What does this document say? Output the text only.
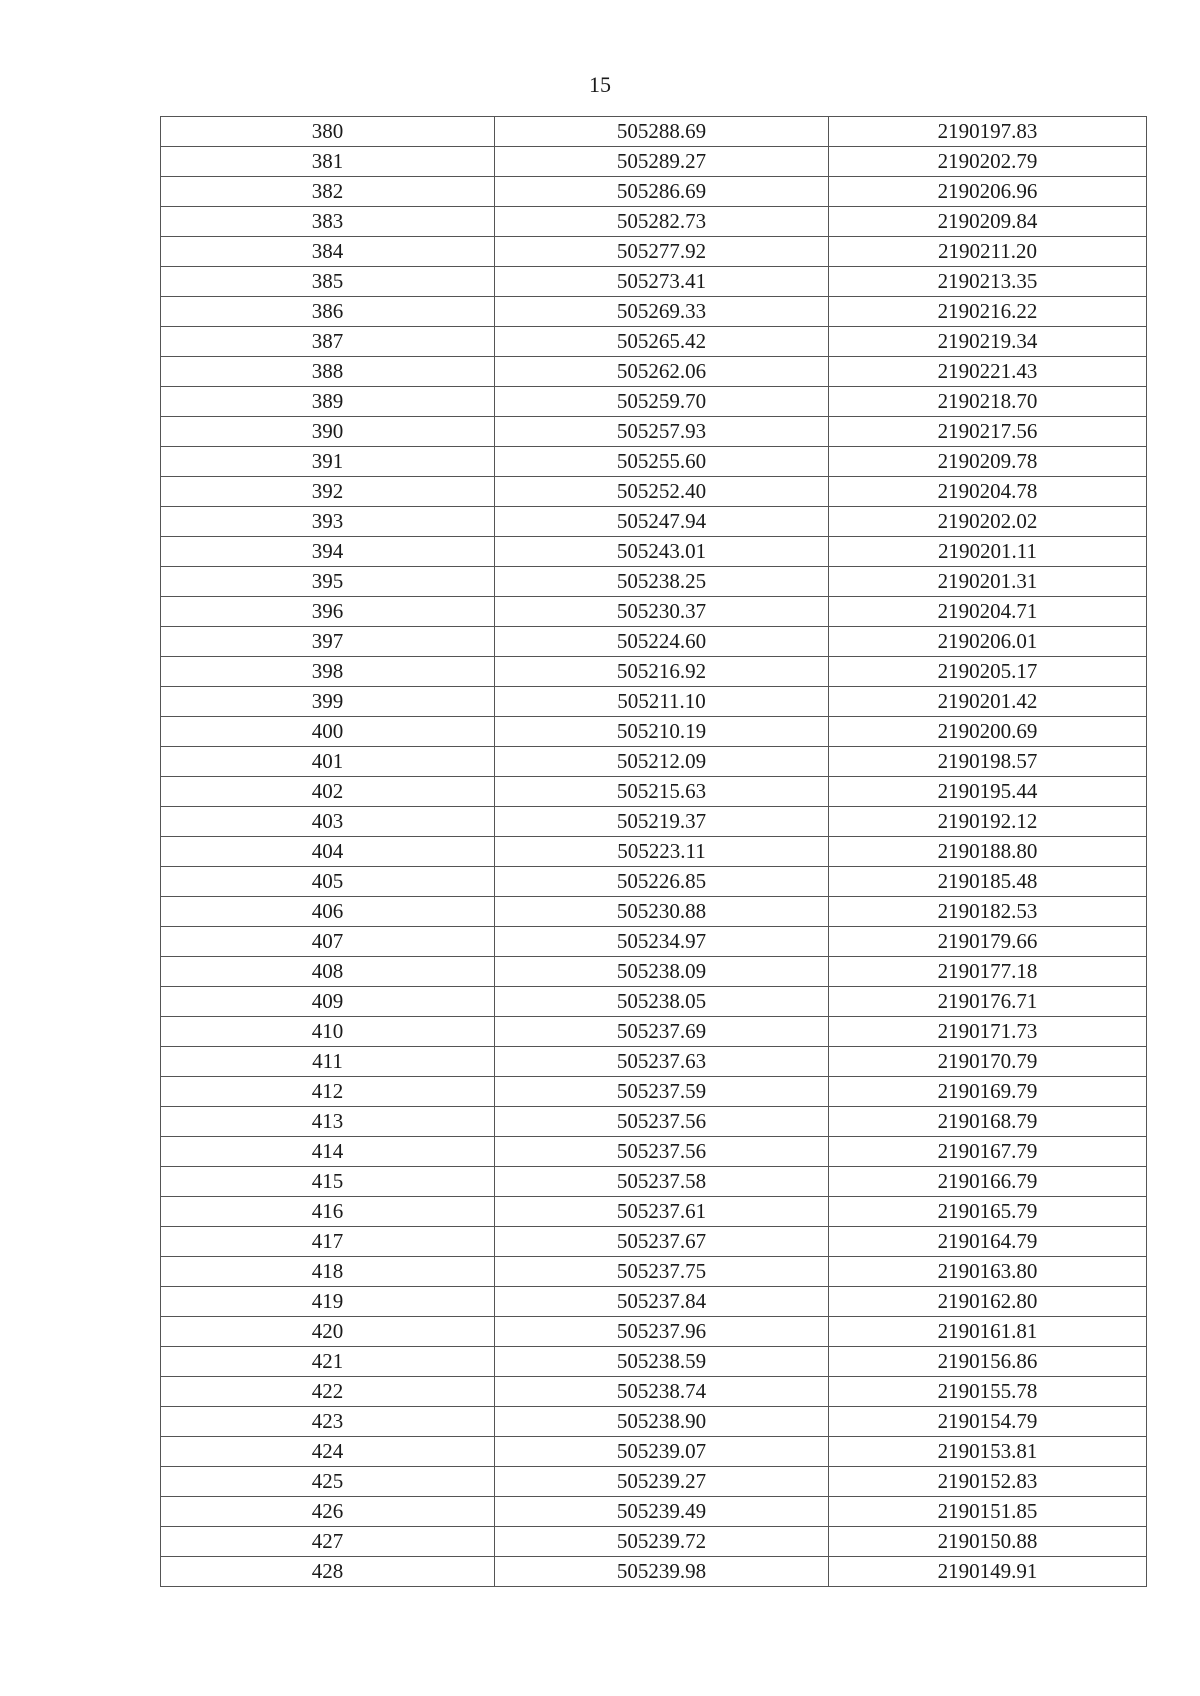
15
380	505288.69	2190197.83
381	505289.27	2190202.79
382	505286.69	2190206.96
383	505282.73	2190209.84
384	505277.92	2190211.20
385	505273.41	2190213.35
386	505269.33	2190216.22
387	505265.42	2190219.34
388	505262.06	2190221.43
389	505259.70	2190218.70
390	505257.93	2190217.56
391	505255.60	2190209.78
392	505252.40	2190204.78
393	505247.94	2190202.02
394	505243.01	2190201.11
395	505238.25	2190201.31
396	505230.37	2190204.71
397	505224.60	2190206.01
398	505216.92	2190205.17
399	505211.10	2190201.42
400	505210.19	2190200.69
401	505212.09	2190198.57
402	505215.63	2190195.44
403	505219.37	2190192.12
404	505223.11	2190188.80
405	505226.85	2190185.48
406	505230.88	2190182.53
407	505234.97	2190179.66
408	505238.09	2190177.18
409	505238.05	2190176.71
410	505237.69	2190171.73
411	505237.63	2190170.79
412	505237.59	2190169.79
413	505237.56	2190168.79
414	505237.56	2190167.79
415	505237.58	2190166.79
416	505237.61	2190165.79
417	505237.67	2190164.79
418	505237.75	2190163.80
419	505237.84	2190162.80
420	505237.96	2190161.81
421	505238.59	2190156.86
422	505238.74	2190155.78
423	505238.90	2190154.79
424	505239.07	2190153.81
425	505239.27	2190152.83
426	505239.49	2190151.85
427	505239.72	2190150.88
428	505239.98	2190149.91
